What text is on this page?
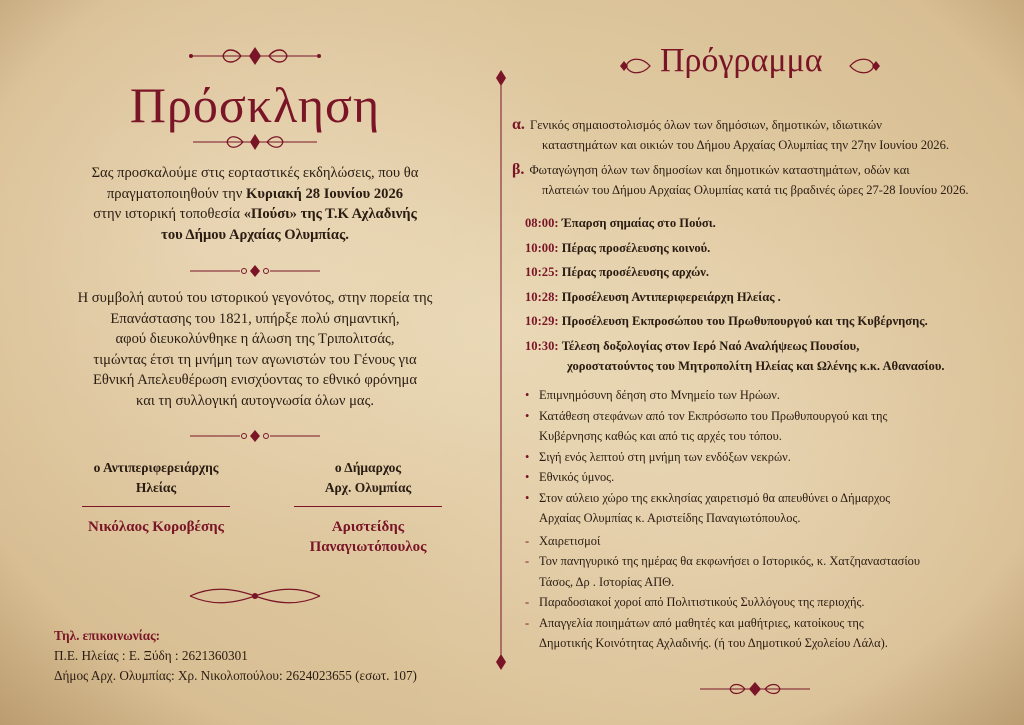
Πρόσκληση
Σας προσκαλούμε στις εορταστικές εκδηλώσεις, που θα
πραγματοποιηθούν την Κυριακή 28 Ιουνίου 2026
στην ιστορική τοποθεσία «Πούσι» της Τ.Κ Αχλαδινής
του Δήμου Αρχαίας Ολυμπίας.
Η συμβολή αυτού του ιστορικού γεγονότος, στην πορεία της
Επανάστασης του 1821, υπήρξε πολύ σημαντική,
αφού διευκολύνθηκε η άλωση της Τριπολιτσάς,
τιμώντας έτσι τη μνήμη των αγωνιστών του Γένους για
Εθνική Απελευθέρωση ενισχύοντας το εθνικό φρόνημα
και τη συλλογική αυτογνωσία όλων μας.
ο Αντιπεριφερειάρχης
Ηλείας
Νικόλαος Κοροβέσης
ο Δήμαρχος
Αρχ. Ολυμπίας
Αριστείδης
Παναγιωτόπουλος
Τηλ. επικοινωνίας:
Π.Ε. Ηλείας : Ε. Ξύδη : 2621360301
Δήμος Αρχ. Ολυμπίας: Χρ. Νικολοπούλου: 2624023655 (εσωτ. 107)
Πρόγραμμα
α. Γενικός σημαιοστολισμός όλων των δημόσιων, δημοτικών, ιδιωτικών
καταστημάτων και οικιών του Δήμου Αρχαίας Ολυμπίας την 27ην Ιουνίου 2026.
β. Φωταγώγηση όλων των δημοσίων και δημοτικών καταστημάτων, οδών και
πλατειών του Δήμου Αρχαίας Ολυμπίας κατά τις βραδινές ώρες 27-28 Ιουνίου 2026.
08:00: Έπαρση σημαίας στο Πούσι.
10:00: Πέρας προσέλευσης κοινού.
10:25: Πέρας προσέλευσης αρχών.
10:28: Προσέλευση Αντιπεριφερειάρχη Ηλείας .
10:29: Προσέλευση Εκπροσώπου του Πρωθυπουργού και της Κυβέρνησης.
10:30: Τέλεση δοξολογίας στον Ιερό Ναό Αναλήψεως Πουσίου,
χοροστατούντος του Μητροπολίτη Ηλείας και Ωλένης κ.κ. Αθανασίου.
• Επιμνημόσυνη δέηση στο Μνημείο των Ηρώων.
• Κατάθεση στεφάνων από τον Εκπρόσωπο του Πρωθυπουργού και της
Κυβέρνησης καθώς και από τις αρχές του τόπου.
• Σιγή ενός λεπτού στη μνήμη των ενδόξων νεκρών.
• Εθνικός ύμνος.
• Στον αύλειο χώρο της εκκλησίας χαιρετισμό θα απευθύνει ο Δήμαρχος
Αρχαίας Ολυμπίας κ. Αριστείδης Παναγιωτόπουλος.
- Χαιρετισμοί
- Τον πανηγυρικό της ημέρας θα εκφωνήσει ο Ιστορικός, κ. Χατζηαναστασίου
Τάσος, Δρ . Ιστορίας ΑΠΘ.
- Παραδοσιακοί χοροί από Πολιτιστικούς Συλλόγους της περιοχής.
- Απαγγελία ποιημάτων από μαθητές και μαθήτριες, κατοίκους της
Δημοτικής Κοινότητας Αχλαδινής. (ή του Δημοτικού Σχολείου Λάλα).
